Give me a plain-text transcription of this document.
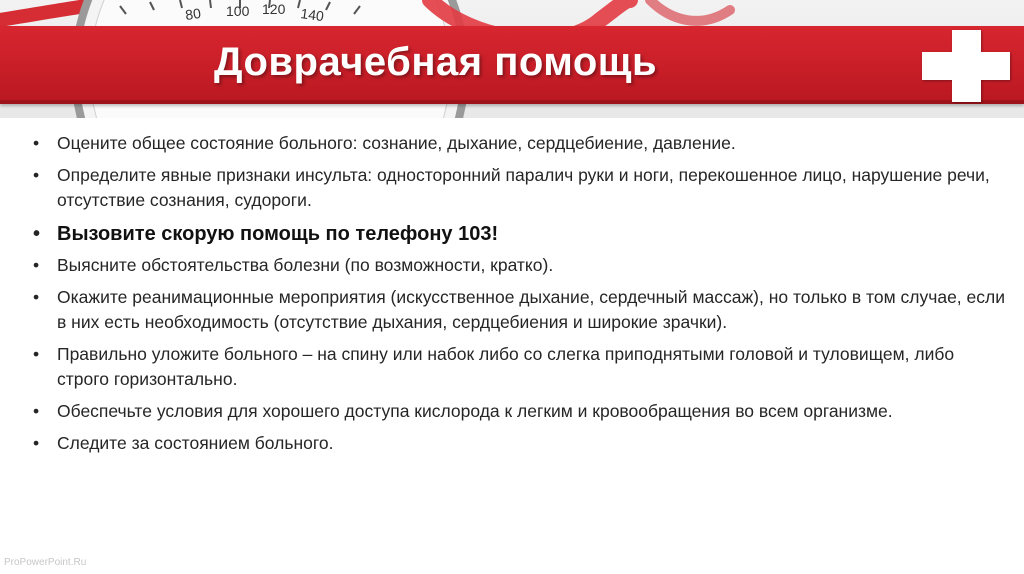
80 100 120 140
Доврачебная помощь
• Оцените общее состояние больного: сознание, дыхание, сердцебиение, давление.
• Определите явные признаки инсульта: односторонний паралич руки и ноги, перекошенное лицо, нарушение речи, отсутствие сознания, судороги.
• Вызовите скорую помощь по телефону 103!
• Выясните обстоятельства болезни (по возможности, кратко).
• Окажите реанимационные мероприятия (искусственное дыхание, сердечный массаж), но только в том случае, если в них есть необходимость (отсутствие дыхания, сердцебиения и широкие зрачки).
• Правильно уложите больного – на спину или набок либо со слегка приподнятыми головой и туловищем, либо строго горизонтально.
• Обеспечьте условия для хорошего доступа кислорода к легким и кровообращения во всем организме.
• Следите за состоянием больного.
ProPowerPoint.Ru
